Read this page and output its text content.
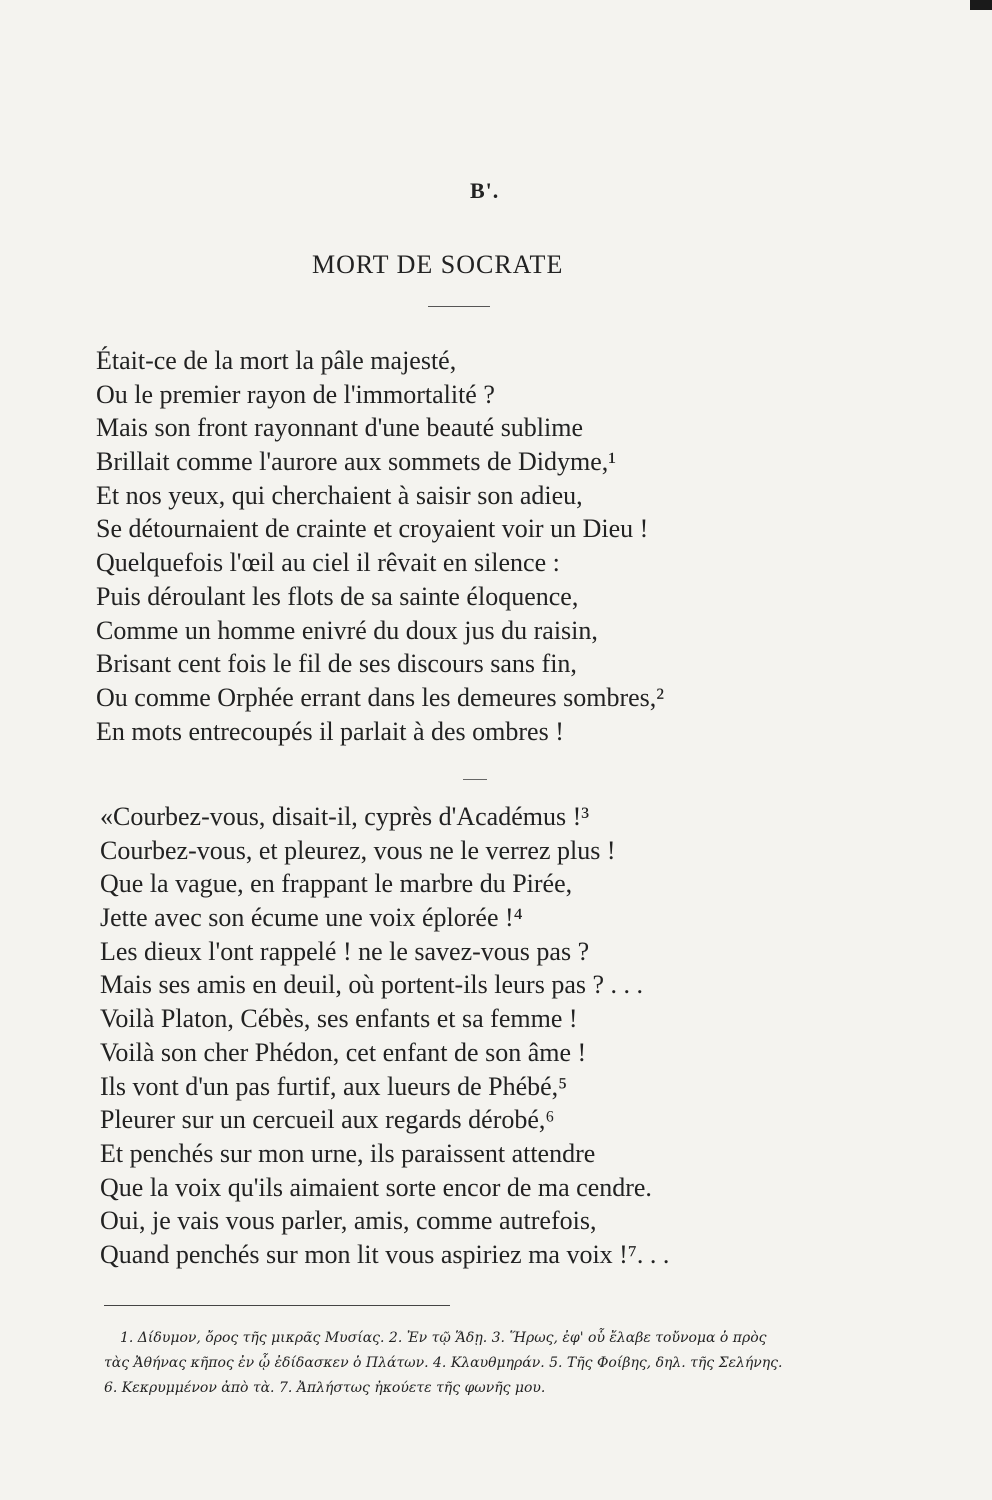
B'.
MORT DE SOCRATE
Était-ce de la mort la pâle majesté,
Ou le premier rayon de l'immortalité ?
Mais son front rayonnant d'une beauté sublime
Brillait comme l'aurore aux sommets de Didyme,¹
Et nos yeux, qui cherchaient à saisir son adieu,
Se détournaient de crainte et croyaient voir un Dieu !
Quelquefois l'œil au ciel il rêvait en silence :
Puis déroulant les flots de sa sainte éloquence,
Comme un homme enivré du doux jus du raisin,
Brisant cent fois le fil de ses discours sans fin,
Ou comme Orphée errant dans les demeures sombres,²
En mots entrecoupés il parlait à des ombres !
«Courbez-vous, disait-il, cyprès d'Académus !³
Courbez-vous, et pleurez, vous ne le verrez plus !
Que la vague, en frappant le marbre du Pirée,
Jette avec son écume une voix éplorée !⁴
Les dieux l'ont rappelé ! ne le savez-vous pas ?
Mais ses amis en deuil, où portent-ils leurs pas ? . . .
Voilà Platon, Cébès, ses enfants et sa femme !
Voilà son cher Phédon, cet enfant de son âme !
Ils vont d'un pas furtif, aux lueurs de Phébé,⁵
Pleurer sur un cercueil aux regards dérobé,⁶
Et penchés sur mon urne, ils paraissent attendre
Que la voix qu'ils aimaient sorte encor de ma cendre.
Oui, je vais vous parler, amis, comme autrefois,
Quand penchés sur mon lit vous aspiriez ma voix !⁷. . .
1. Δίδυμον, ὄρος τῆς μικρᾶς Μυσίας. 2. Ἐν τῷ Ἅδῃ. 3. Ἥρως, ἐφ' οὗ ἔλαβε τοὔνομα ὁ πρὸς
τὰς Ἀθήνας κῆπος ἐν ᾧ ἐδίδασκεν ὁ Πλάτων. 4. Κλαυθμηράν. 5. Τῆς Φοίβης, δηλ. τῆς Σελήνης.
6. Κεκρυμμένον ἀπὸ τὰ. 7. Ἀπλήστως ἠκούετε τῆς φωνῆς μου.
